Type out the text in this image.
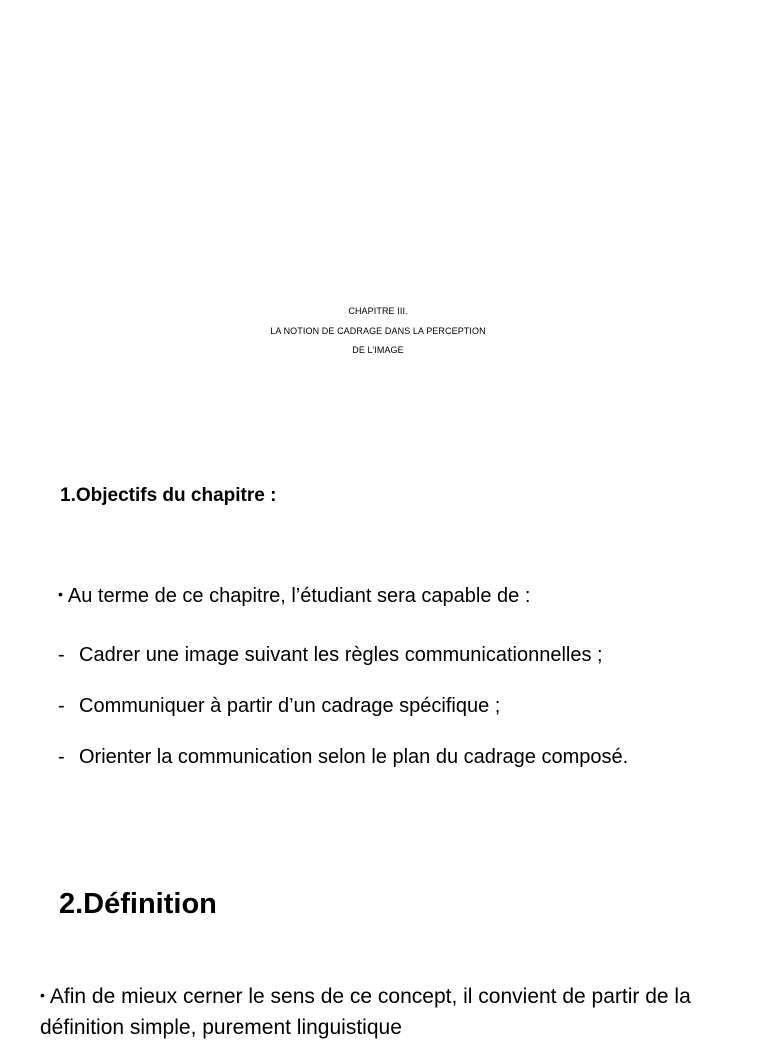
CHAPITRE III.
LA NOTION DE CADRAGE DANS LA PERCEPTION
DE L’IMAGE
1.Objectifs du chapitre :
• Au terme de ce chapitre, l’étudiant sera capable de :
- Cadrer une image suivant les règles communicationnelles ;
- Communiquer à partir d’un cadrage spécifique ;
- Orienter la communication selon le plan du cadrage composé.
2.Définition
• Afin de mieux cerner le sens de ce concept, il convient de partir de la définition simple, purement linguistique
